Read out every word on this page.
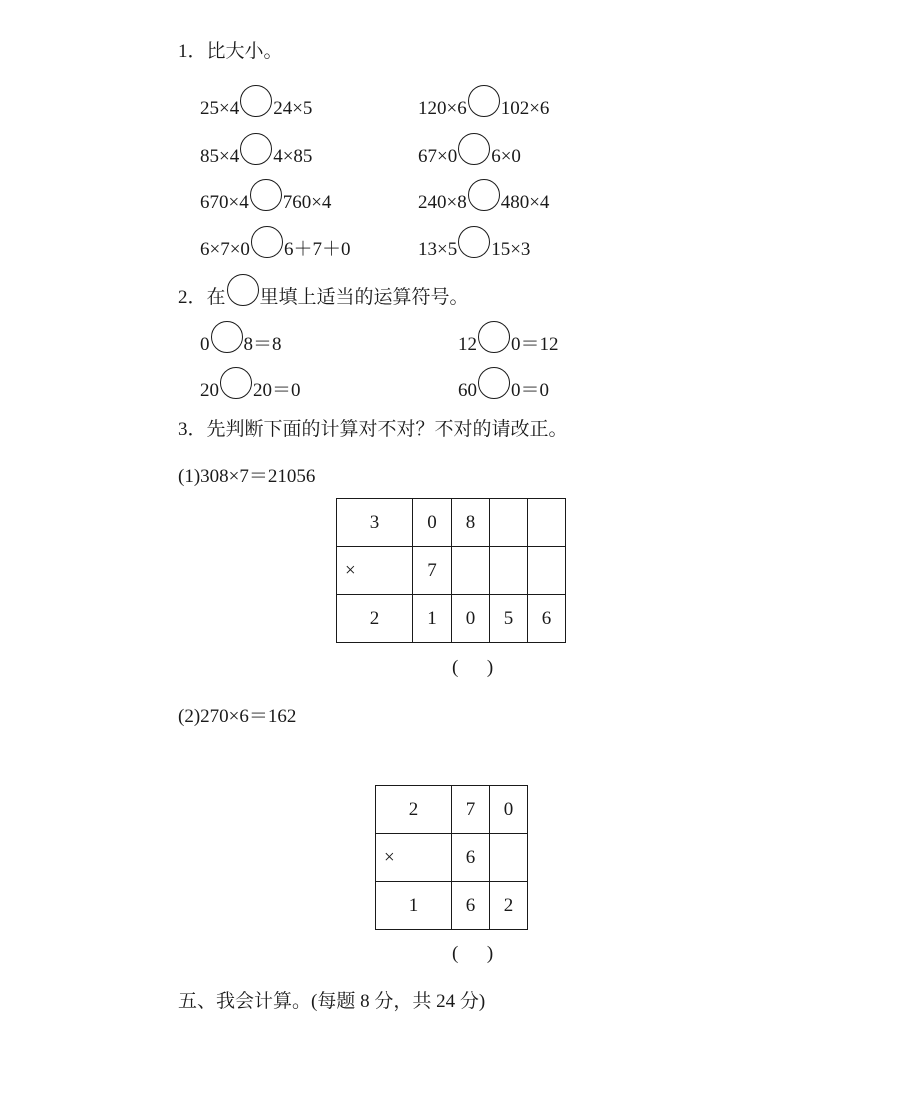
1．比大小。
25×4 24×5	120×6 102×6
85×4 4×85	67×0 6×0
670×4 760×4	240×8 480×4
6×7×0 6＋7＋0	13×5 15×3
2．在 里填上适当的运算符号。
0 8＝8	12 0＝12
20 20＝0	60 0＝0
3．先判断下面的计算对不对？不对的请改正。
(1)308×7＝21056
3	0	8		
×	7			
2	1	0	5	6
(      )
(2)270×6＝162
2	7	0
×	6	
1	6	2
(      )
五、我会计算。(每题 8 分，共 24 分)
